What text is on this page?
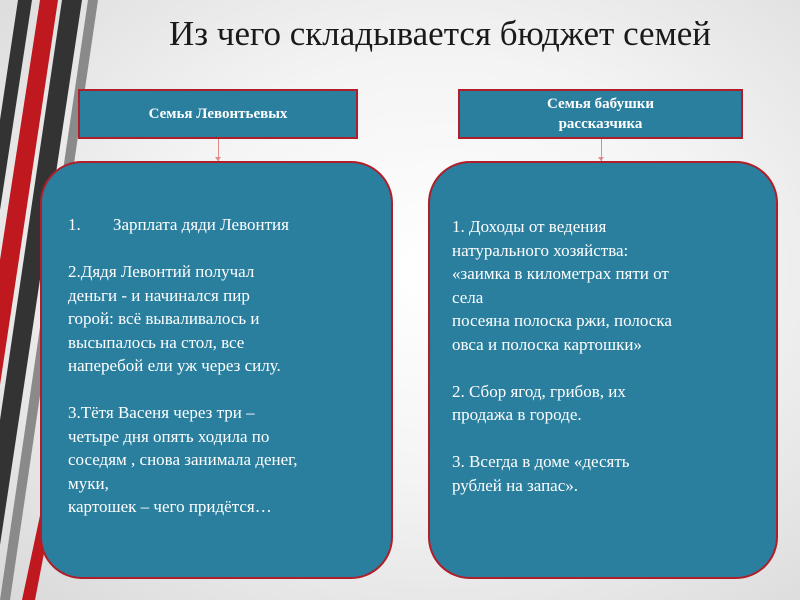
Из чего складывается бюджет семей
Семья Левонтьевых
Семья бабушки
рассказчика
1.	Зарплата дяди Левонтия

2.Дядя Левонтий получал
деньги - и начинался пир
горой: всё вываливалось и
высыпалось на стол, все
наперебой ели уж через силу.

3.Тётя Васеня через три –
четыре дня опять ходила по
соседям , снова занимала денег,
муки,
картошек – чего придётся…

1. Доходы от ведения
натурального хозяйства:
«заимка в километрах пяти от
села
посеяна полоска ржи, полоска
овса и полоска картошки»

2. Сбор ягод, грибов, их
продажа в городе.

3. Всегда в доме «десять
рублей на запас».
